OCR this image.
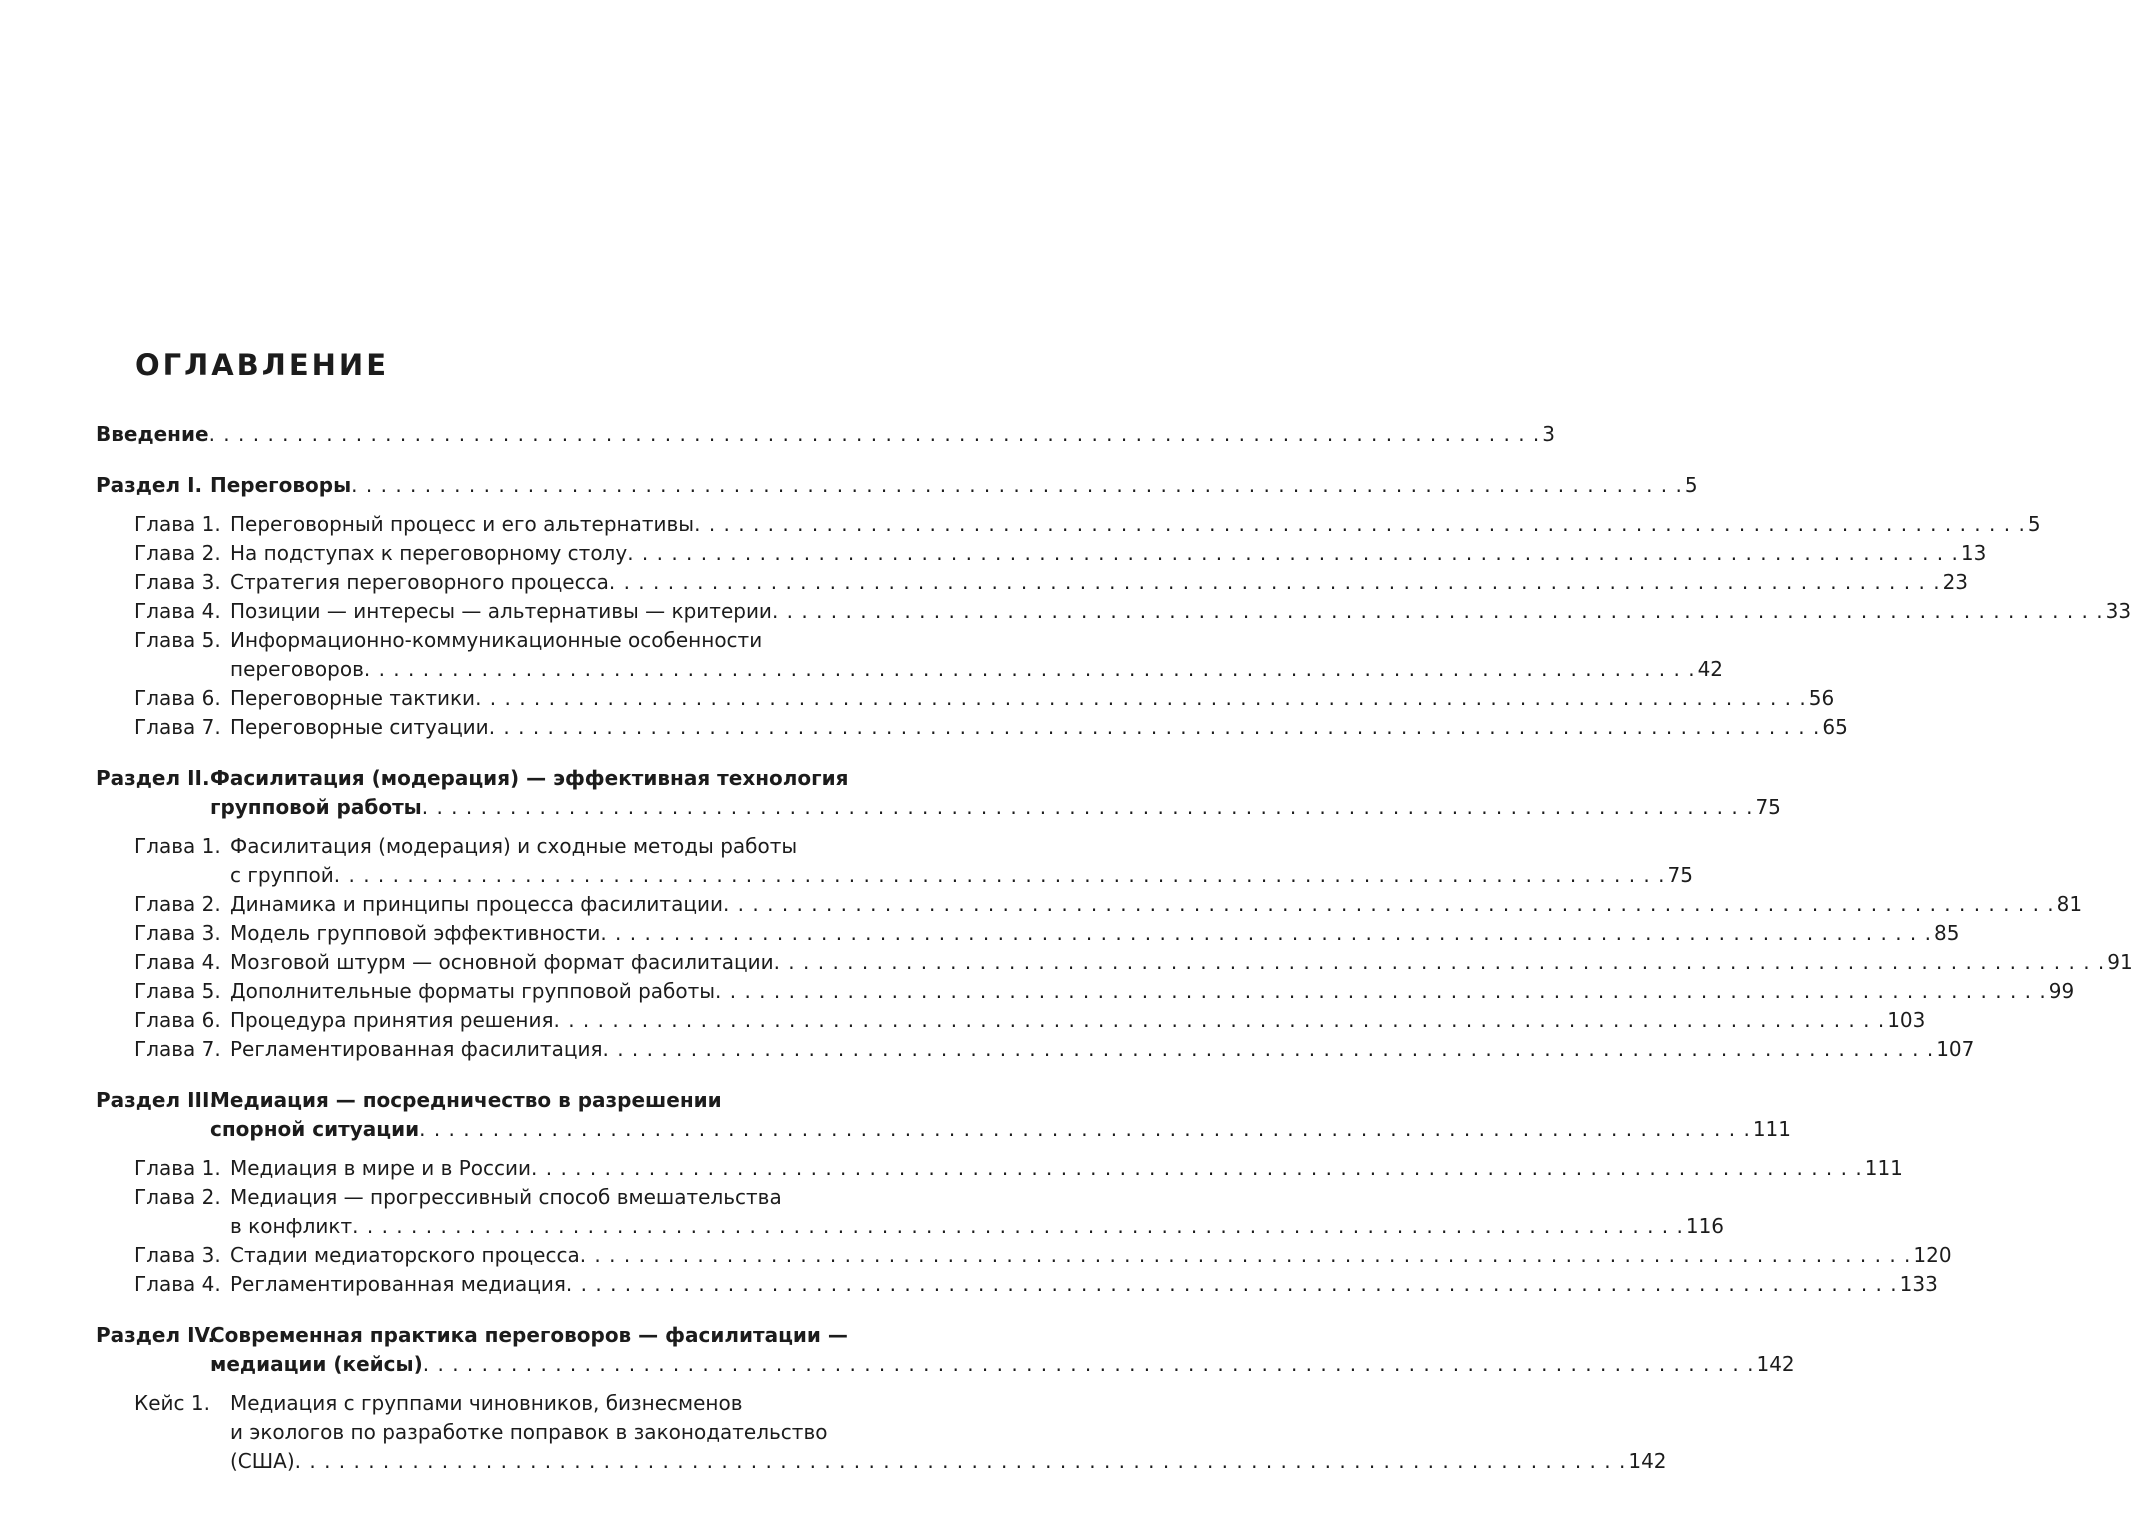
ОГЛАВЛЕНИЕ
Введение . . .	3
Раздел I. Переговоры . . .	5
Глава 1. Переговорный процесс и его альтернативы . . .	5
Глава 2. На подступах к переговорному столу . . .	13
Глава 3. Стратегия переговорного процесса . . .	23
Глава 4. Позиции — интересы — альтернативы — критерии . . .	33
Глава 5. Информационно-коммуникационные особенности
переговоров . . .	42
Глава 6. Переговорные тактики . . .	56
Глава 7. Переговорные ситуации . . .	65
Раздел II. Фасилитация (модерация) — эффективная технология
групповой работы . . .	75
Глава 1. Фасилитация (модерация) и сходные методы работы
с группой . . .	75
Глава 2. Динамика и принципы процесса фасилитации . . .	81
Глава 3. Модель групповой эффективности . . .	85
Глава 4. Мозговой штурм — основной формат фасилитации . . .	91
Глава 5. Дополнительные форматы групповой работы . . .	99
Глава 6. Процедура принятия решения . . .	103
Глава 7. Регламентированная фасилитация . . .	107
Раздел III.
Медиация — посредничество в разрешении
спорной ситуации . . .	111
Глава 1. Медиация в мире и в России . . .	111
Глава 2. Медиация — прогрессивный способ вмешательства
в конфликт . . .	116
Глава 3. Стадии медиаторского процесса . . .	120
Глава 4. Регламентированная медиация . . .	133
Раздел IV.
Современная практика переговоров — фасилитации —
медиации (кейсы) . . .	142
Кейс 1.	Медиация с группами чиновников, бизнесменов
и экологов по разработке поправок в законодательство
(США) . . .	142
